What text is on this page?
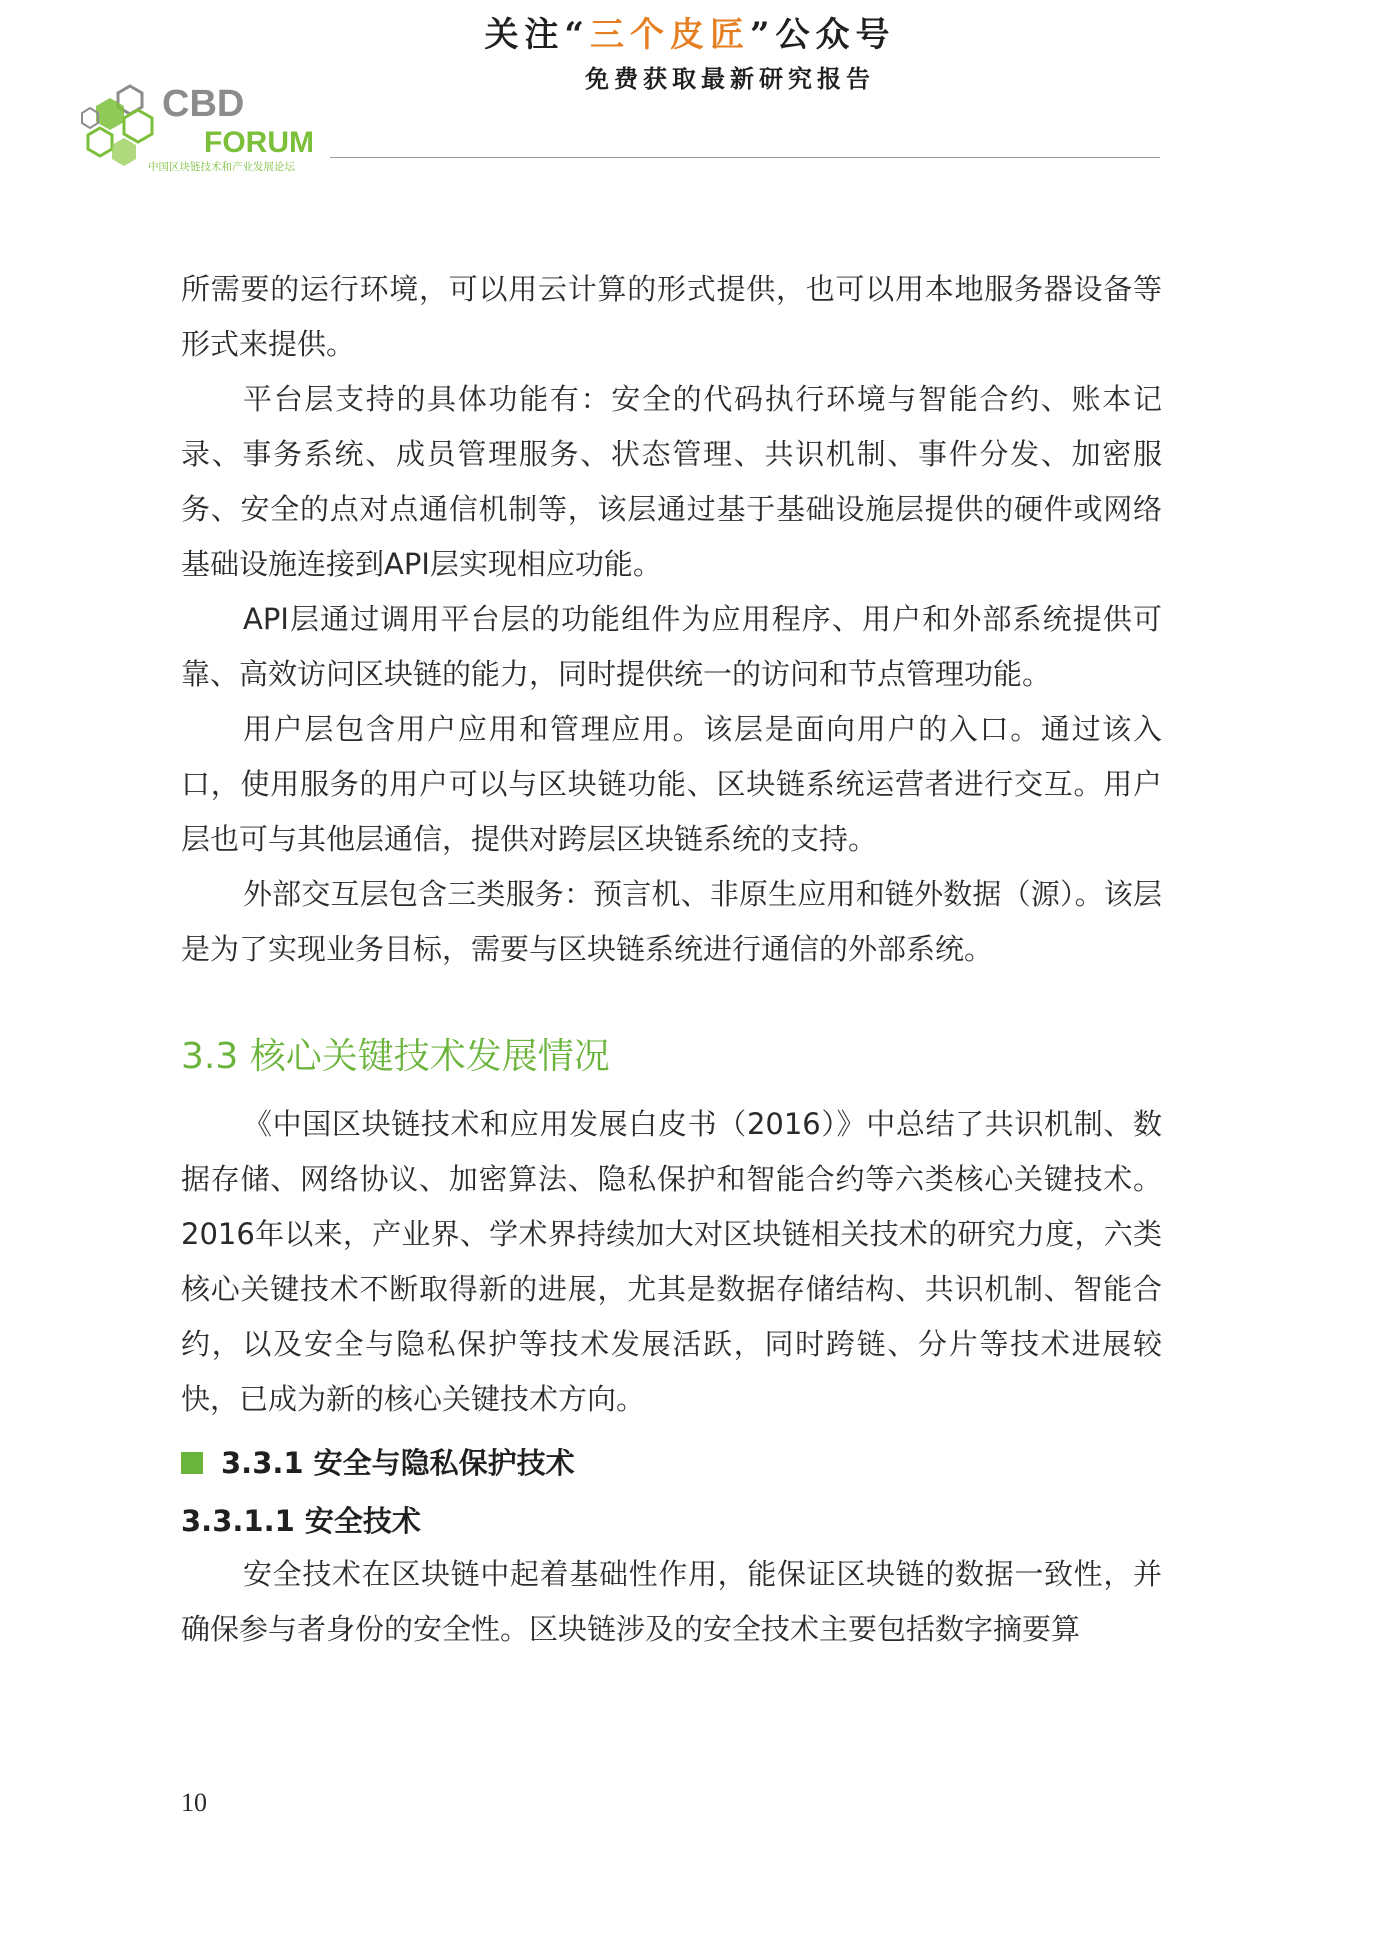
CBD
FORUM
中国区块链技术和产业发展论坛
关注“三个皮匠”公众号
免费获取最新研究报告

所需要的运行环境，可以用云计算的形式提供，也可以用本地服务器设备等形式来提供。

平台层支持的具体功能有：安全的代码执行环境与智能合约、账本记录、事务系统、成员管理服务、状态管理、共识机制、事件分发、加密服务、安全的点对点通信机制等，该层通过基于基础设施层提供的硬件或网络基础设施连接到API层实现相应功能。

API层通过调用平台层的功能组件为应用程序、用户和外部系统提供可靠、高效访问区块链的能力，同时提供统一的访问和节点管理功能。

用户层包含用户应用和管理应用。该层是面向用户的入口。通过该入口，使用服务的用户可以与区块链功能、区块链系统运营者进行交互。用户层也可与其他层通信，提供对跨层区块链系统的支持。

外部交互层包含三类服务：预言机、非原生应用和链外数据（源）。该层是为了实现业务目标，需要与区块链系统进行通信的外部系统。

3.3 核心关键技术发展情况

《中国区块链技术和应用发展白皮书（2016）》中总结了共识机制、数据存储、网络协议、加密算法、隐私保护和智能合约等六类核心关键技术。2016年以来，产业界、学术界持续加大对区块链相关技术的研究力度，六类核心关键技术不断取得新的进展，尤其是数据存储结构、共识机制、智能合约，以及安全与隐私保护等技术发展活跃，同时跨链、分片等技术进展较快，已成为新的核心关键技术方向。

3.3.1 安全与隐私保护技术
3.3.1.1 安全技术

安全技术在区块链中起着基础性作用，能保证区块链的数据一致性，并确保参与者身份的安全性。区块链涉及的安全技术主要包括数字摘要算

10
